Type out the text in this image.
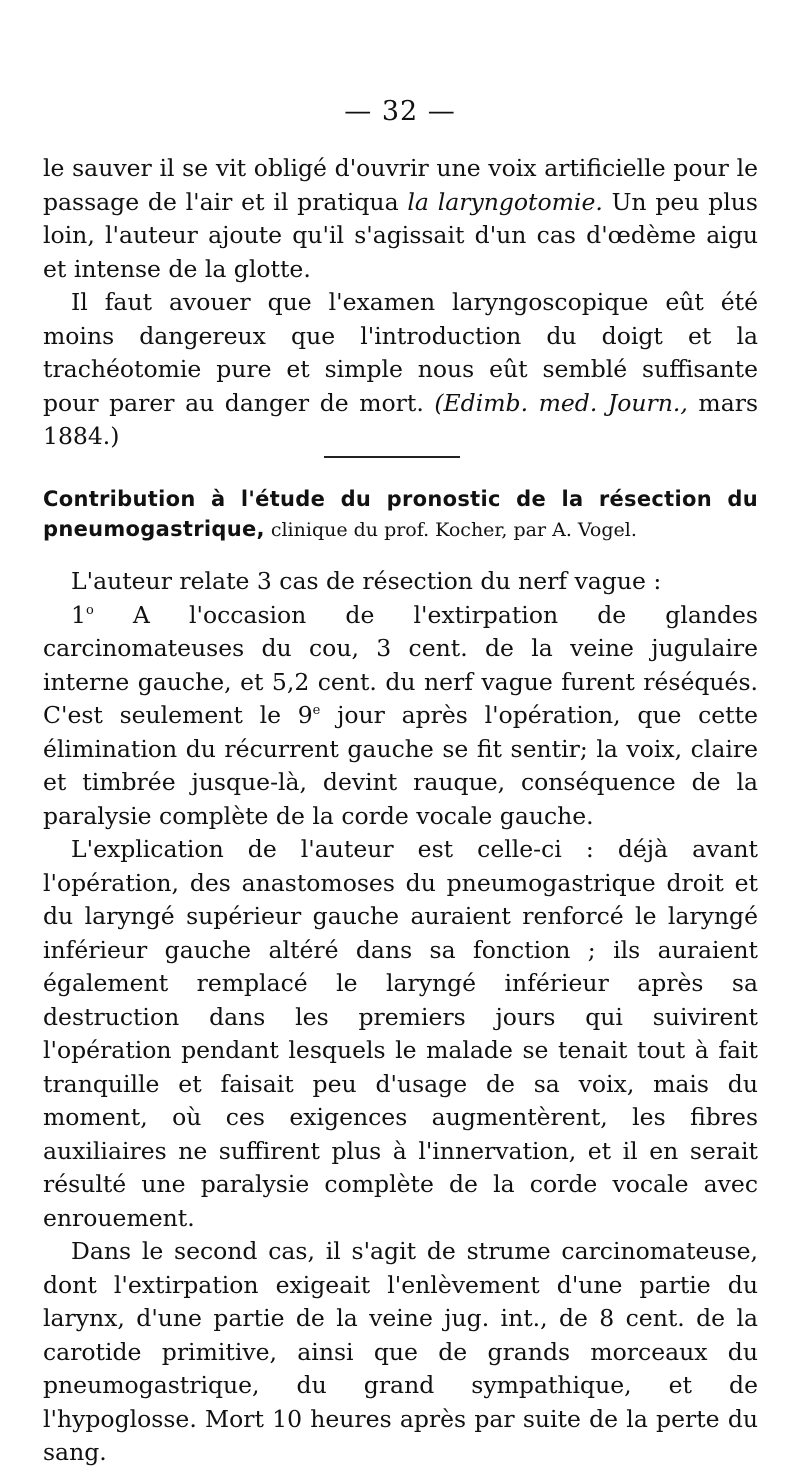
— 32 —

le sauver il se vit obligé d'ouvrir une voix artificielle pour le passage de l'air et il pratiqua la laryngotomie. Un peu plus loin, l'auteur ajoute qu'il s'agissait d'un cas d'œdème aigu et intense de la glotte.

Il faut avouer que l'examen laryngoscopique eût été moins dangereux que l'introduction du doigt et la trachéotomie pure et simple nous eût semblé suffisante pour parer au danger de mort. (Edimb. med. Journ., mars 1884.)

Contribution à l'étude du pronostic de la résection du pneumogastrique, clinique du prof. Kocher, par A. Vogel.

L'auteur relate 3 cas de résection du nerf vague :

1$^o$ A l'occasion de l'extirpation de glandes carcinomateuses du cou, 3 cent. de la veine jugulaire interne gauche, et 5,2 cent. du nerf vague furent réséqués. C'est seulement le 9e jour après l'opération, que cette élimination du récurrent gauche se fit sentir; la voix, claire et timbrée jusque-là, devint rauque, conséquence de la paralysie complète de la corde vocale gauche.

L'explication de l'auteur est celle-ci : déjà avant l'opération, des anastomoses du pneumogastrique droit et du laryngé supérieur gauche auraient renforcé le laryngé inférieur gauche altéré dans sa fonction ; ils auraient également remplacé le laryngé inférieur après sa destruction dans les premiers jours qui suivirent l'opération pendant lesquels le malade se tenait tout à fait tranquille et faisait peu d'usage de sa voix, mais du moment, où ces exigences augmentèrent, les fibres auxiliaires ne suffirent plus à l'innervation, et il en serait résulté une paralysie complète de la corde vocale avec enrouement.

Dans le second cas, il s'agit de strume carcinomateuse, dont l'extirpation exigeait l'enlèvement d'une partie du larynx, d'une partie de la veine jug. int., de 8 cent. de la carotide primitive, ainsi que de grands morceaux du pneumogastrique, du grand sympathique, et de l'hypoglosse. Mort 10 heures après par suite de la perte du sang.
